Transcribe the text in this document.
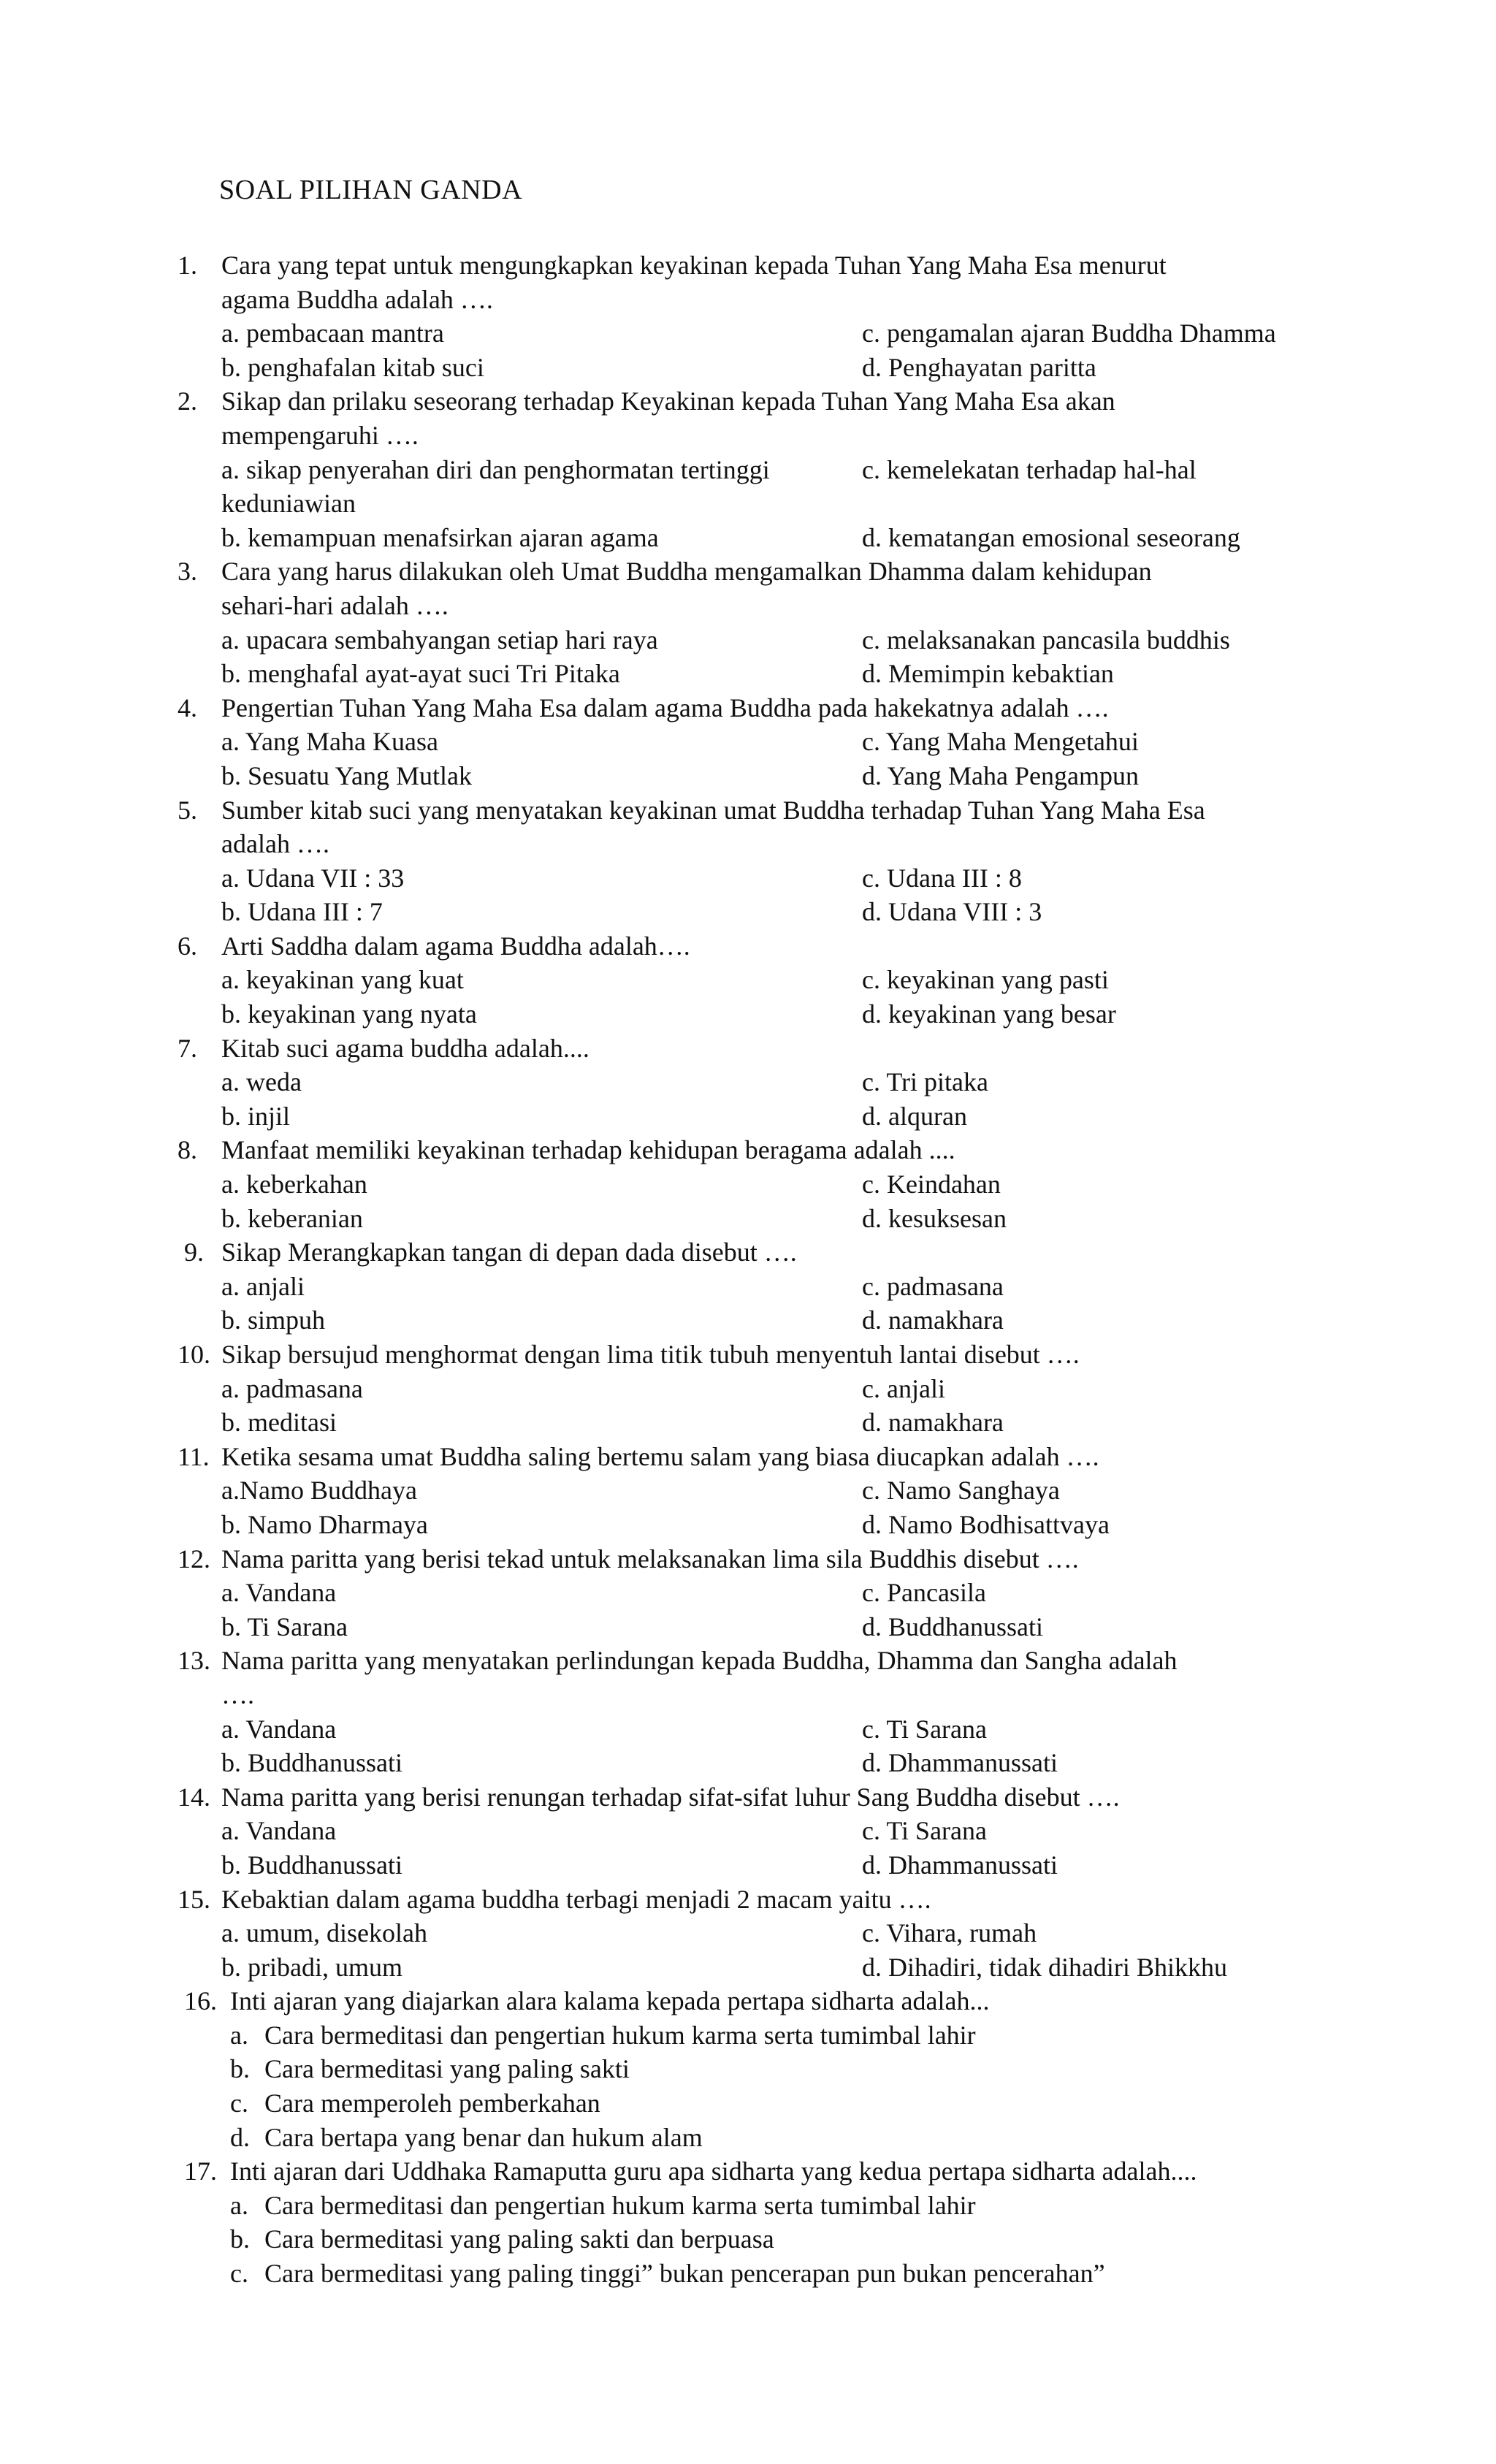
SOAL PILIHAN GANDA
1. Cara yang tepat untuk mengungkapkan keyakinan kepada Tuhan Yang Maha Esa menurut
agama Buddha adalah ….
a. pembacaan mantra	c. pengamalan ajaran Buddha Dhamma
b. penghafalan kitab suci	d. Penghayatan paritta
2. Sikap dan prilaku seseorang terhadap Keyakinan kepada Tuhan Yang Maha Esa akan
mempengaruhi ….
a. sikap penyerahan diri dan penghormatan tertinggi	c. kemelekatan terhadap hal-hal
keduniawian
b. kemampuan menafsirkan ajaran agama	d. kematangan emosional seseorang
3. Cara yang harus dilakukan oleh Umat Buddha mengamalkan Dhamma dalam kehidupan
sehari-hari adalah ….
a. upacara sembahyangan setiap hari raya	c. melaksanakan pancasila buddhis
b. menghafal ayat-ayat suci Tri Pitaka	d. Memimpin kebaktian
4. Pengertian Tuhan Yang Maha Esa dalam agama Buddha pada hakekatnya adalah ….
a. Yang Maha Kuasa	c. Yang Maha Mengetahui
b. Sesuatu Yang Mutlak	d. Yang Maha Pengampun
5. Sumber kitab suci yang menyatakan keyakinan umat Buddha terhadap Tuhan Yang Maha Esa
adalah ….
a. Udana VII : 33	c. Udana III : 8
b. Udana III : 7	d. Udana VIII : 3
6. Arti Saddha dalam agama Buddha adalah….
a. keyakinan yang kuat	c. keyakinan yang pasti
b. keyakinan yang nyata	d. keyakinan yang besar
7. Kitab suci agama buddha adalah....
a. weda	c. Tri pitaka
b. injil	d. alquran
8. Manfaat memiliki keyakinan terhadap kehidupan beragama adalah ....
a. keberkahan	c. Keindahan
b. keberanian	d. kesuksesan
9. Sikap Merangkapkan tangan di depan dada disebut ….
a. anjali	c. padmasana
b. simpuh	d. namakhara
10. Sikap bersujud menghormat dengan lima titik tubuh menyentuh lantai disebut ….
a. padmasana	c. anjali
b. meditasi	d. namakhara
11. Ketika sesama umat Buddha saling bertemu salam yang biasa diucapkan adalah ….
a.Namo Buddhaya	c. Namo Sanghaya
b. Namo Dharmaya	d. Namo Bodhisattvaya
12. Nama paritta yang berisi tekad untuk melaksanakan lima sila Buddhis disebut ….
a. Vandana	c. Pancasila
b. Ti Sarana	d. Buddhanussati
13. Nama paritta yang menyatakan perlindungan kepada Buddha, Dhamma dan Sangha adalah
….
a. Vandana	c. Ti Sarana
b. Buddhanussati	d. Dhammanussati
14. Nama paritta yang berisi renungan terhadap sifat-sifat luhur Sang Buddha disebut ….
a. Vandana	c. Ti Sarana
b. Buddhanussati	d. Dhammanussati
15. Kebaktian dalam agama buddha terbagi menjadi 2 macam yaitu ….
a. umum, disekolah	c. Vihara, rumah
b. pribadi, umum	d. Dihadiri, tidak dihadiri Bhikkhu
16. Inti ajaran yang diajarkan alara kalama kepada pertapa sidharta adalah...
a. Cara bermeditasi dan pengertian hukum karma serta tumimbal lahir
b. Cara bermeditasi yang paling sakti
c. Cara memperoleh pemberkahan
d. Cara bertapa yang benar dan hukum alam
17. Inti ajaran dari Uddhaka Ramaputta guru apa sidharta yang kedua pertapa sidharta adalah....
a. Cara bermeditasi dan pengertian hukum karma serta tumimbal lahir
b. Cara bermeditasi yang paling sakti dan berpuasa
c. Cara bermeditasi yang paling tinggi” bukan pencerapan pun bukan pencerahan”
